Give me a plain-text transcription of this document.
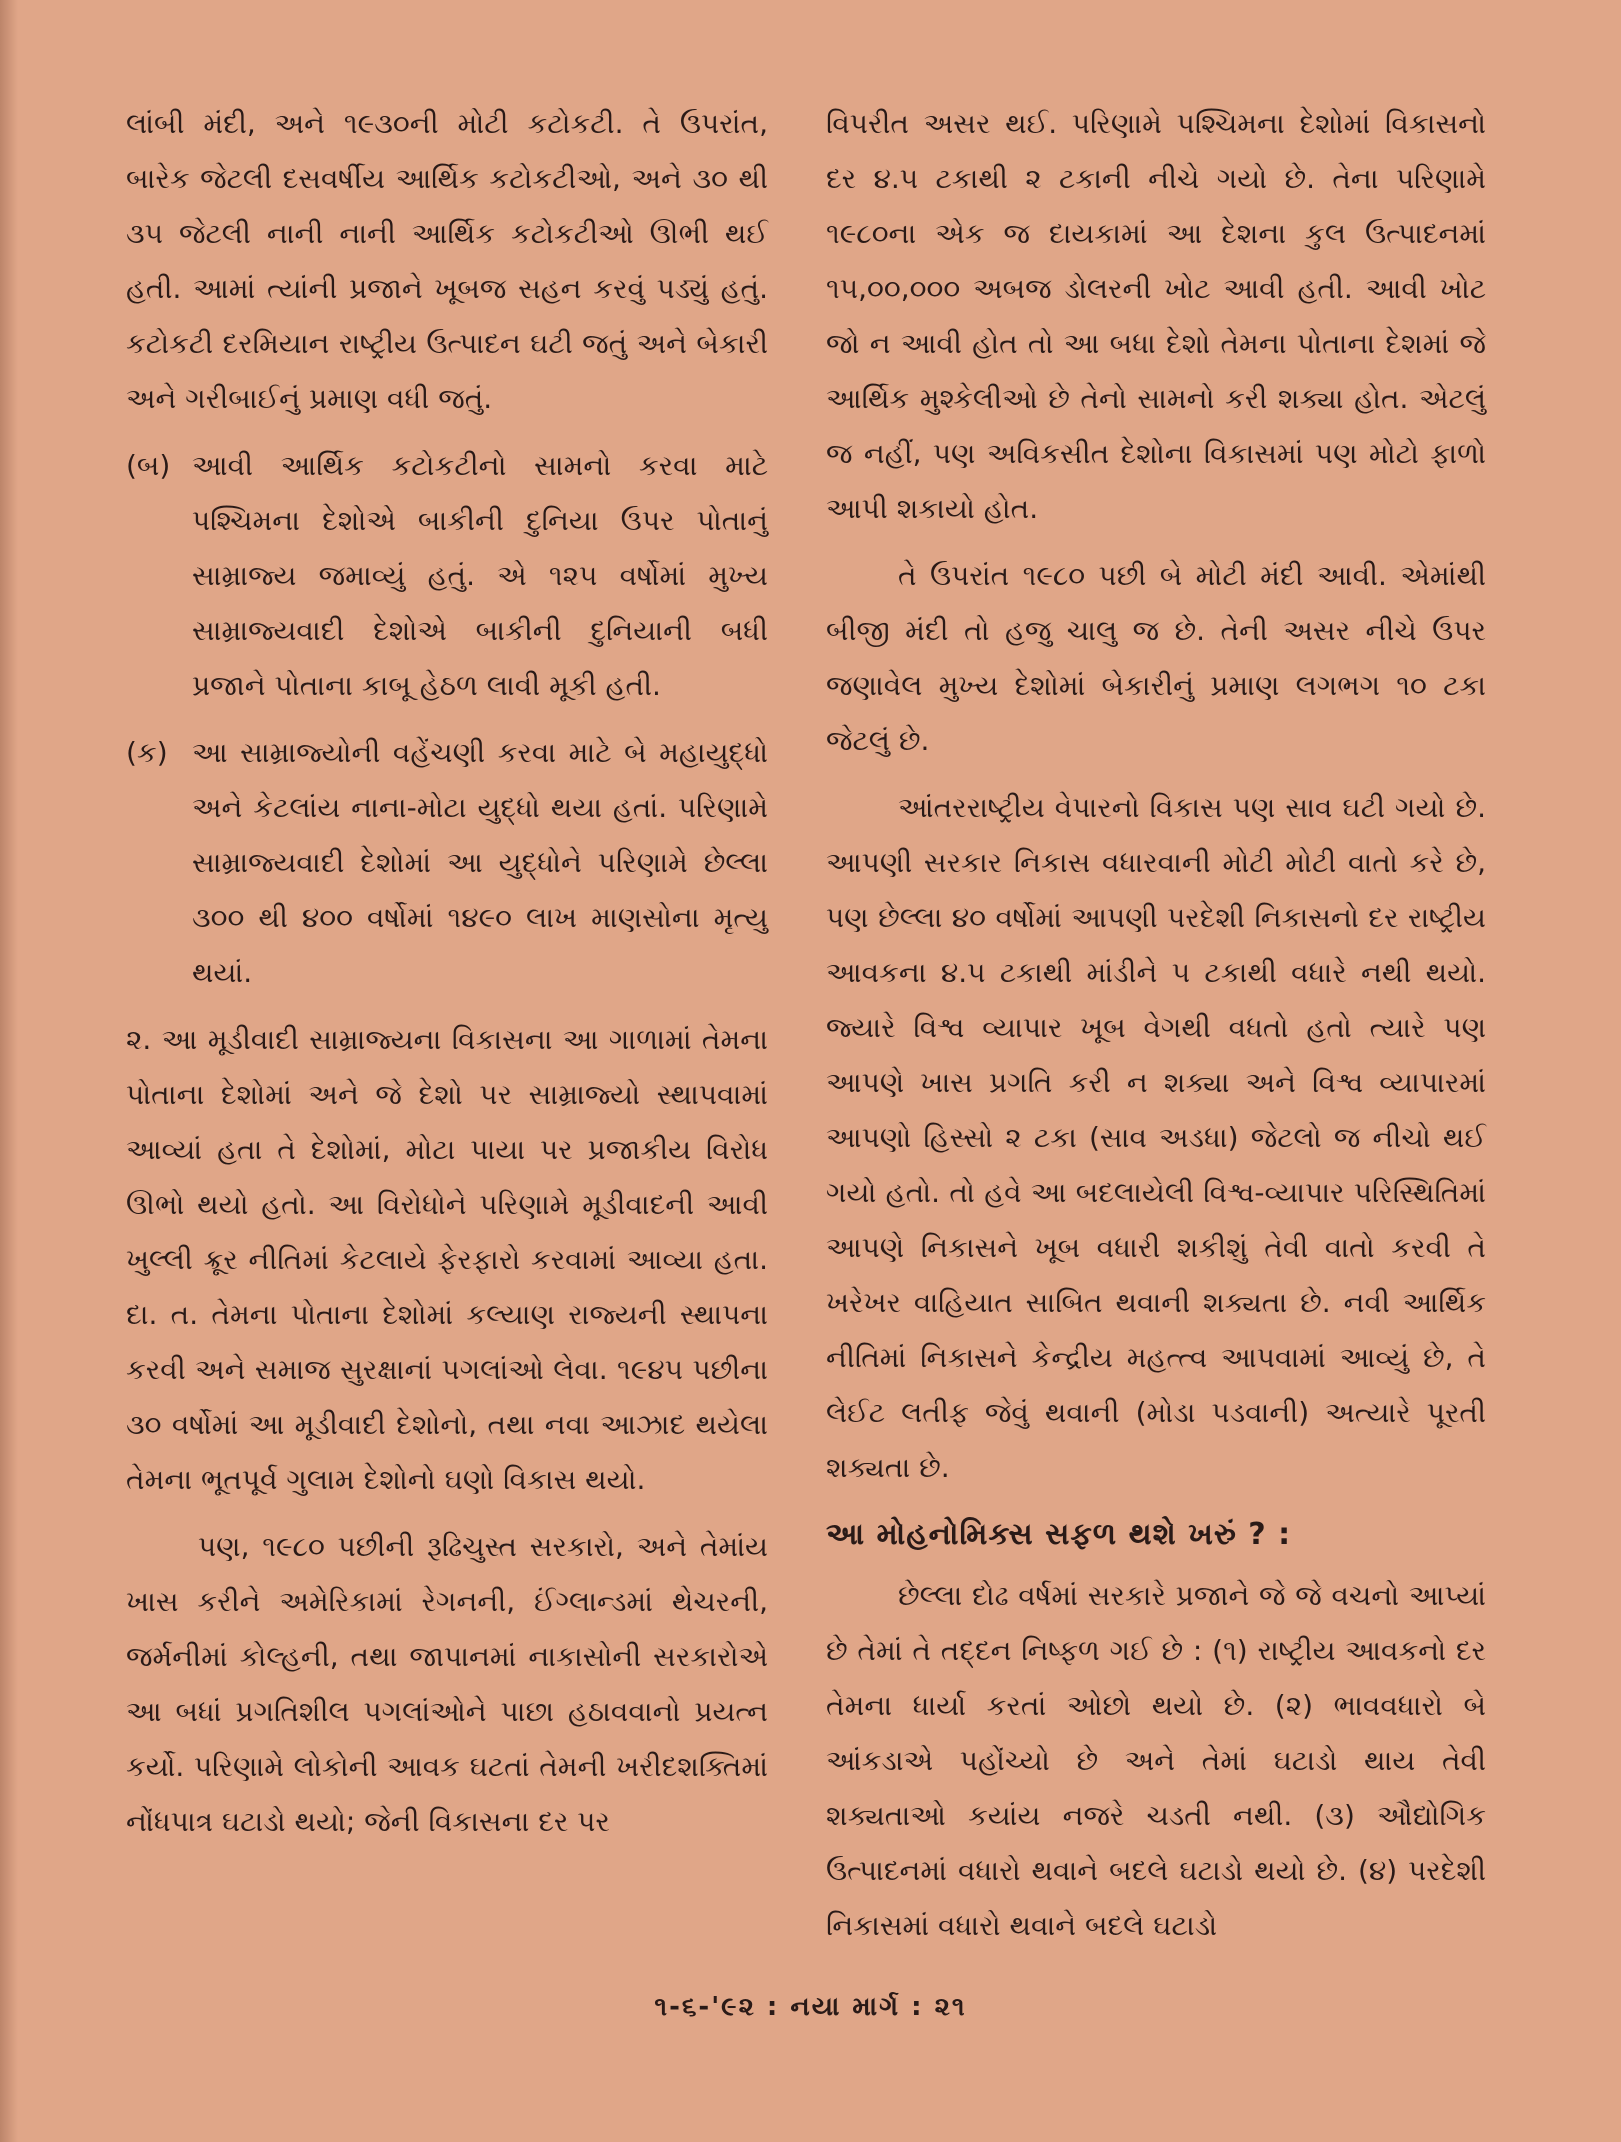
લાંબી મંદી, અને ૧૯૩૦ની મોટી કટોકટી. તે ઉપરાંત, બારેક જેટલી દસવર્ષીય આર્થિક કટોકટીઓ, અને ૩૦ થી ૩૫ જેટલી નાની નાની આર્થિક કટોકટીઓ ઊભી થઈ હતી. આમાં ત્યાંની પ્રજાને ખૂબજ સહન કરવું પડ્યું હતું. કટોકટી દરમિયાન રાષ્ટ્રીય ઉત્પાદન ઘટી જતું અને બેકારી અને ગરીબાઈનું પ્રમાણ વધી જતું.

(બ) આવી આર્થિક કટોકટીનો સામનો કરવા માટે પશ્ચિમના દેશોએ બાકીની દુનિયા ઉપર પોતાનું સામ્રાજ્ય જમાવ્યું હતું. એ ૧૨૫ વર્ષોમાં મુખ્ય સામ્રાજ્યવાદી દેશોએ બાકીની દુનિયાની બધી પ્રજાને પોતાના કાબૂ હેઠળ લાવી મૂકી હતી.
(ક) આ સામ્રાજ્યોની વહેંચણી કરવા માટે બે મહાયુદ્ધો અને કેટલાંય નાના-મોટા યુદ્ધો થયા હતાં. પરિણામે સામ્રાજ્યવાદી દેશોમાં આ યુદ્ધોને પરિણામે છેલ્લા ૩૦૦ થી ૪૦૦ વર્ષોમાં ૧૪૯૦ લાખ માણસોના મૃત્યુ થયાં.

૨. આ મૂડીવાદી સામ્રાજ્યના વિકાસના આ ગાળામાં તેમના પોતાના દેશોમાં અને જે દેશો પર સામ્રાજ્યો સ્થાપવામાં આવ્યાં હતા તે દેશોમાં, મોટા પાયા પર પ્રજાકીય વિરોધ ઊભો થયો હતો. આ વિરોધોને પરિણામે મૂડીવાદની આવી ખુલ્લી ક્રૂર નીતિમાં કેટલાયે ફેરફારો કરવામાં આવ્યા હતા. દા. ત. તેમના પોતાના દેશોમાં કલ્યાણ રાજ્યની સ્થાપના કરવી અને સમાજ સુરક્ષાનાં પગલાંઓ લેવા. ૧૯૪૫ પછીના ૩૦ વર્ષોમાં આ મૂડીવાદી દેશોનો, તથા નવા આઝાદ થયેલા તેમના ભૂતપૂર્વ ગુલામ દેશોનો ઘણો વિકાસ થયો.

પણ, ૧૯૮૦ પછીની રૂઢિચુસ્ત સરકારો, અને તેમાંય ખાસ કરીને અમેરિકામાં રેગનની, ઈંગ્લાન્ડમાં થેચરની, જર્મનીમાં કોલ્હની, તથા જાપાનમાં નાકાસોની સરકારોએ આ બધાં પ્રગતિશીલ પગલાંઓને પાછા હઠાવવાનો પ્રયત્ન કર્યો. પરિણામે લોકોની આવક ઘટતાં તેમની ખરીદશક્તિમાં નોંધપાત્ર ઘટાડો થયો; જેની વિકાસના દર પર

વિપરીત અસર થઈ. પરિણામે પશ્ચિમના દેશોમાં વિકાસનો દર ૪.૫ ટકાથી ૨ ટકાની નીચે ગયો છે. તેના પરિણામે ૧૯૮૦ના એક જ દાયકામાં આ દેશના કુલ ઉત્પાદનમાં ૧૫,૦૦,૦૦૦ અબજ ડોલરની ખોટ આવી હતી. આવી ખોટ જો ન આવી હોત તો આ બધા દેશો તેમના પોતાના દેશમાં જે આર્થિક મુશ્કેલીઓ છે તેનો સામનો કરી શક્યા હોત. એટલું જ નહીં, પણ અવિકસીત દેશોના વિકાસમાં પણ મોટો ફાળો આપી શકાયો હોત.

તે ઉપરાંત ૧૯૮૦ પછી બે મોટી મંદી આવી. એમાંથી બીજી મંદી તો હજુ ચાલુ જ છે. તેની અસર નીચે ઉપર જણાવેલ મુખ્ય દેશોમાં બેકારીનું પ્રમાણ લગભગ ૧૦ ટકા જેટલું છે.

આંતરરાષ્ટ્રીય વેપારનો વિકાસ પણ સાવ ઘટી ગયો છે. આપણી સરકાર નિકાસ વધારવાની મોટી મોટી વાતો કરે છે, પણ છેલ્લા ૪૦ વર્ષોમાં આપણી પરદેશી નિકાસનો દર રાષ્ટ્રીય આવકના ૪.૫ ટકાથી માંડીને ૫ ટકાથી વધારે નથી થયો. જ્યારે વિશ્વ વ્યાપાર ખૂબ વેગથી વધતો હતો ત્યારે પણ આપણે ખાસ પ્રગતિ કરી ન શક્યા અને વિશ્વ વ્યાપારમાં આપણો હિસ્સો ૨ ટકા (સાવ અડધા) જેટલો જ નીચો થઈ ગયો હતો. તો હવે આ બદલાયેલી વિશ્વ-વ્યાપાર પરિસ્થિતિમાં આપણે નિકાસને ખૂબ વધારી શકીશું તેવી વાતો કરવી તે ખરેખર વાહિયાત સાબિત થવાની શક્યતા છે. નવી આર્થિક નીતિમાં નિકાસને કેન્દ્રીય મહત્ત્વ આપવામાં આવ્યું છે, તે લેઈટ લતીફ જેવું થવાની (મોડા પડવાની) અત્યારે પૂરતી શક્યતા છે.

આ મોહનોમિક્સ સફળ થશે ખરું ? :

છેલ્લા દોઢ વર્ષમાં સરકારે પ્રજાને જે જે વચનો આપ્યાં છે તેમાં તે તદ્દન નિષ્ફળ ગઈ છે : (૧) રાષ્ટ્રીય આવકનો દર તેમના ધાર્યા કરતાં ઓછો થયો છે. (૨) ભાવવધારો બે આંકડાએ પહોંચ્યો છે અને તેમાં ઘટાડો થાય તેવી શક્યતાઓ કયાંય નજરે ચડતી નથી. (૩) ઔદ્યોગિક ઉત્પાદનમાં વધારો થવાને બદલે ઘટાડો થયો છે. (૪) પરદેશી નિકાસમાં વધારો થવાને બદલે ઘટાડો

૧-૬-'૯૨ : નયા માર્ગ : ૨૧
